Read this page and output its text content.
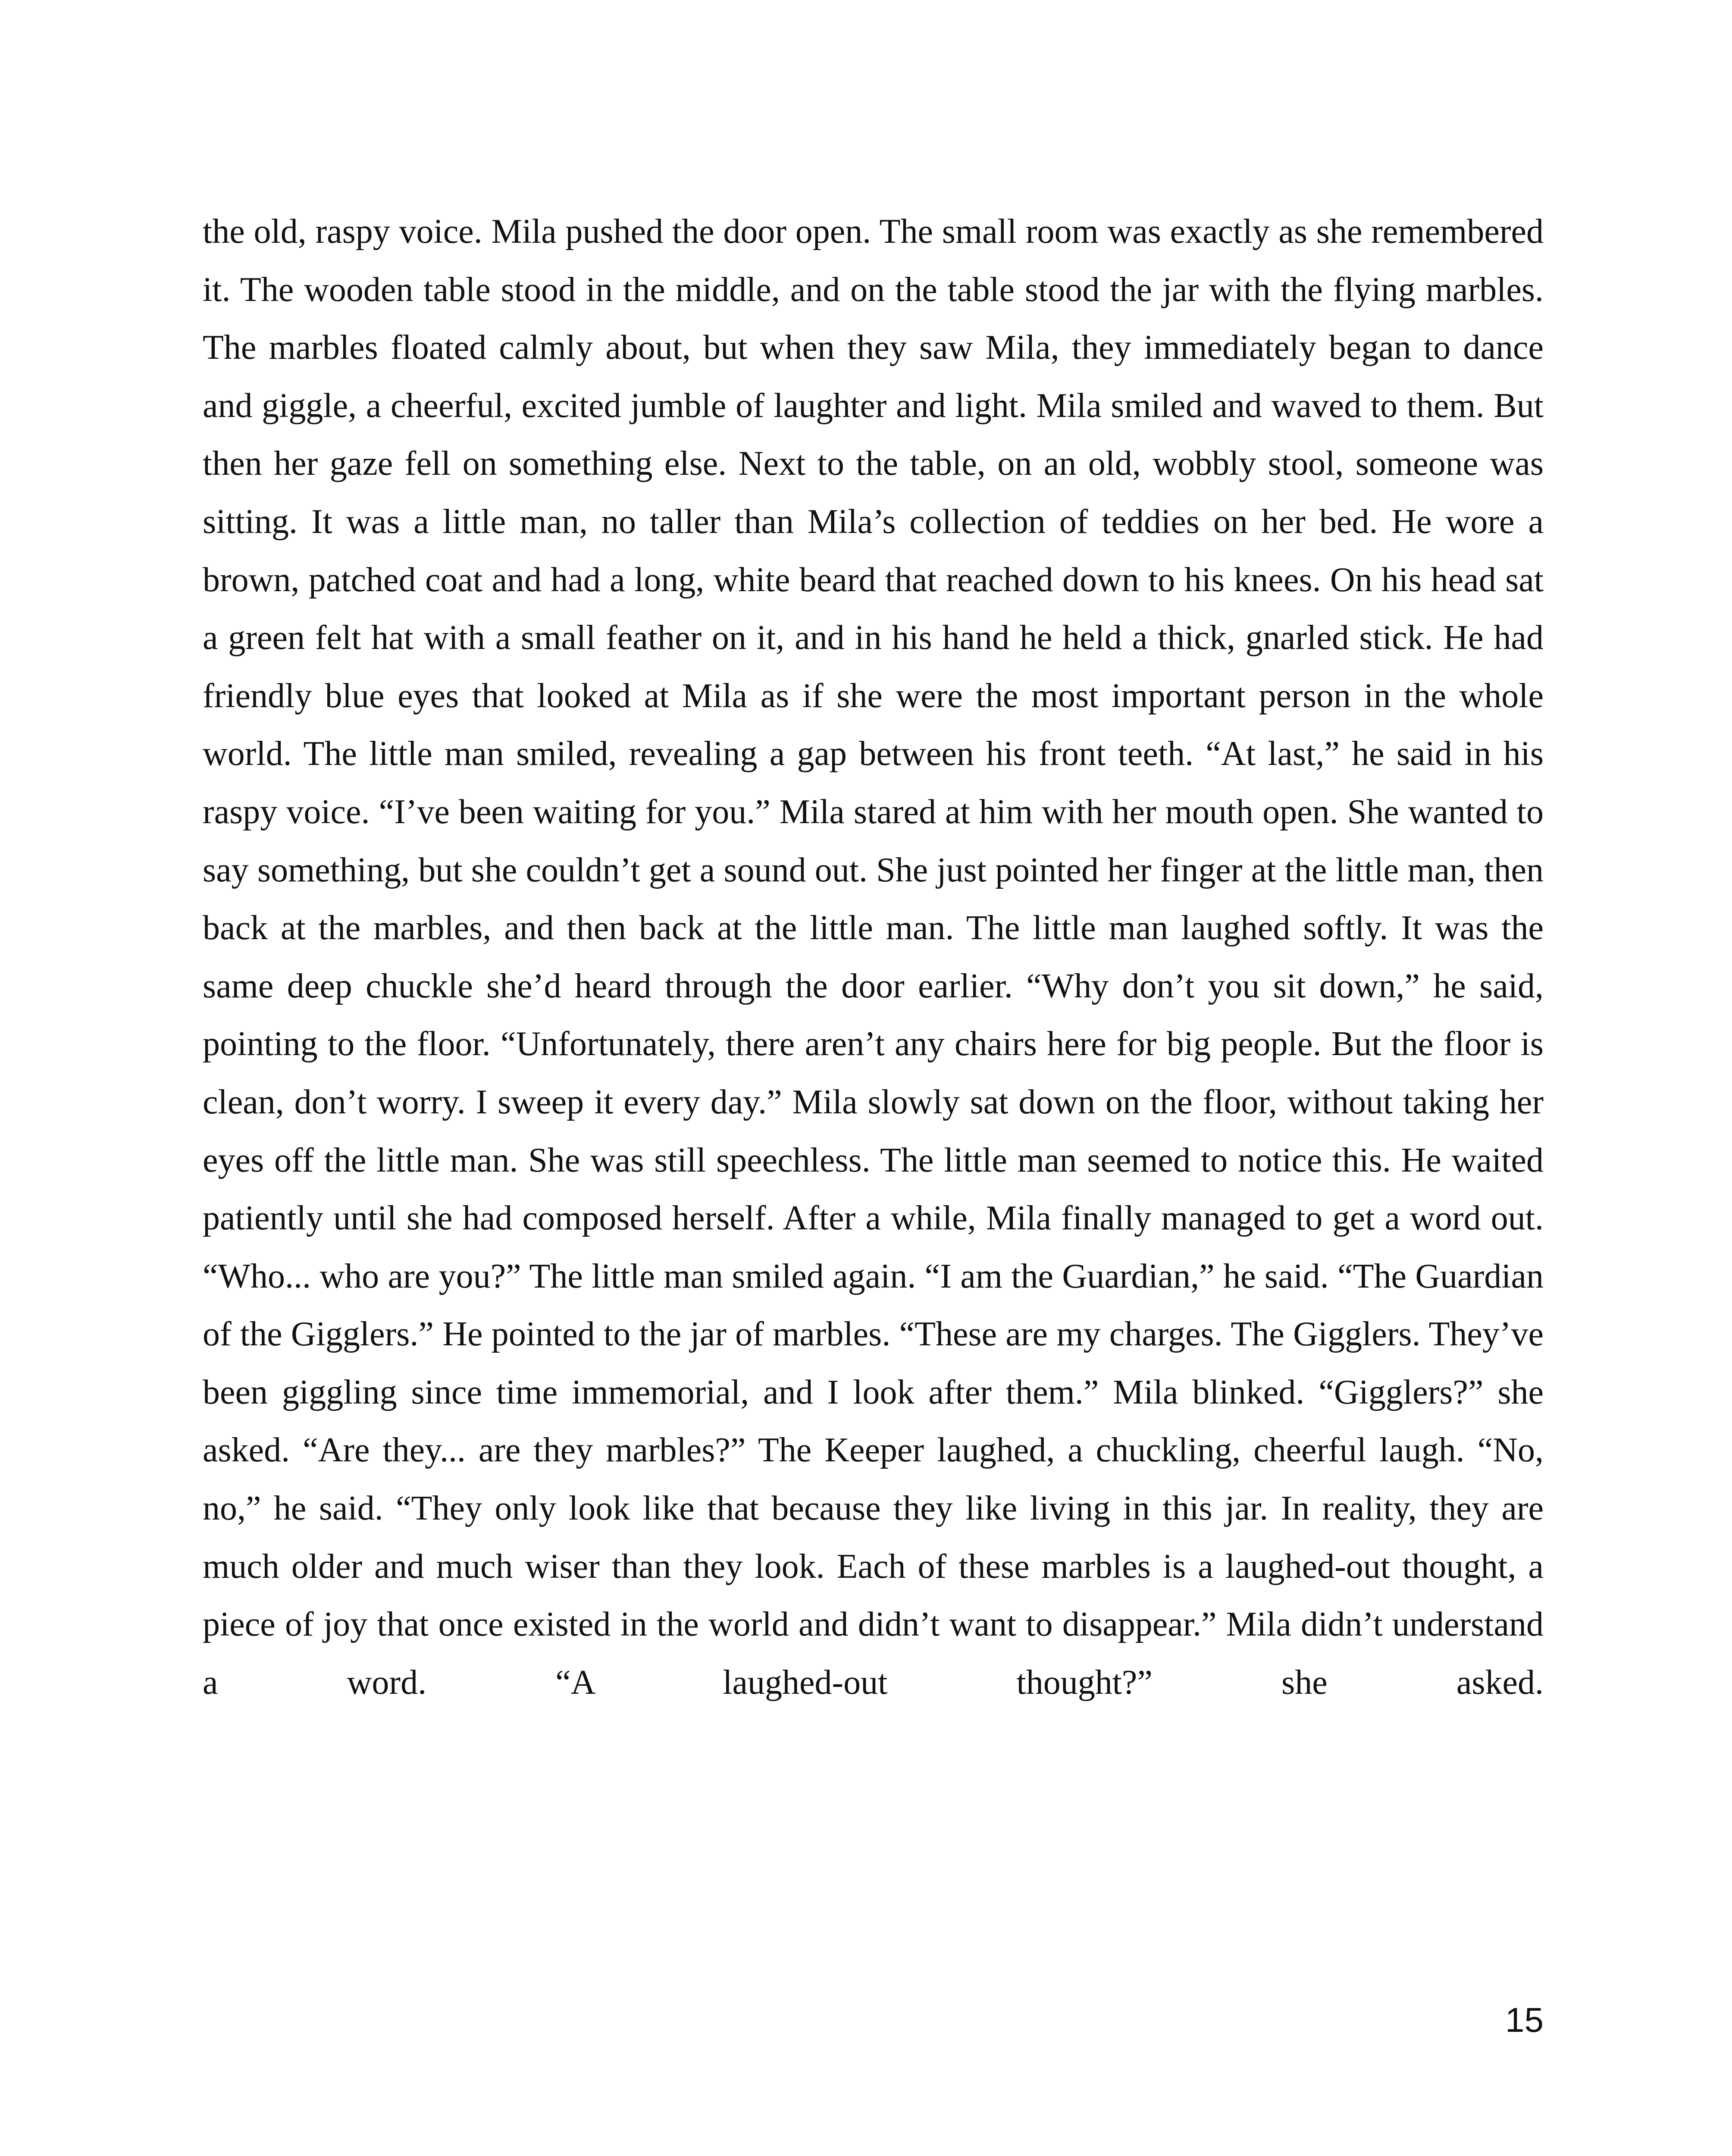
the old, raspy voice. Mila pushed the door open. The small room was exactly as she remembered it. The wooden table stood in the middle, and on the table stood the jar with the flying marbles. The marbles floated calmly about, but when they saw Mila, they immediately began to dance and giggle, a cheerful, excited jumble of laughter and light. Mila smiled and waved to them. But then her gaze fell on something else. Next to the table, on an old, wobbly stool, someone was sitting. It was a little man, no taller than Mila’s collection of teddies on her bed. He wore a brown, patched coat and had a long, white beard that reached down to his knees. On his head sat a green felt hat with a small feather on it, and in his hand he held a thick, gnarled stick. He had friendly blue eyes that looked at Mila as if she were the most important person in the whole world. The little man smiled, revealing a gap between his front teeth. “At last,” he said in his raspy voice. “I’ve been waiting for you.” Mila stared at him with her mouth open. She wanted to say something, but she couldn’t get a sound out. She just pointed her finger at the little man, then back at the marbles, and then back at the little man. The little man laughed softly. It was the same deep chuckle she’d heard through the door earlier. “Why don’t you sit down,” he said, pointing to the floor. “Unfortunately, there aren’t any chairs here for big people. But the floor is clean, don’t worry. I sweep it every day.” Mila slowly sat down on the floor, without taking her eyes off the little man. She was still speechless. The little man seemed to notice this. He waited patiently until she had composed herself. After a while, Mila finally managed to get a word out. “Who... who are you?” The little man smiled again. “I am the Guardian,” he said. “The Guardian of the Gigglers.” He pointed to the jar of marbles. “These are my charges. The Gigglers. They’ve been giggling since time immemorial, and I look after them.” Mila blinked. “Gigglers?” she asked. “Are they... are they marbles?” The Keeper laughed, a chuckling, cheerful laugh. “No, no,” he said. “They only look like that because they like living in this jar. In reality, they are much older and much wiser than they look. Each of these marbles is a laughed-out thought, a piece of joy that once existed in the world and didn’t want to disappear.” Mila didn’t understand a word. “A laughed-out thought?” she asked.

15
